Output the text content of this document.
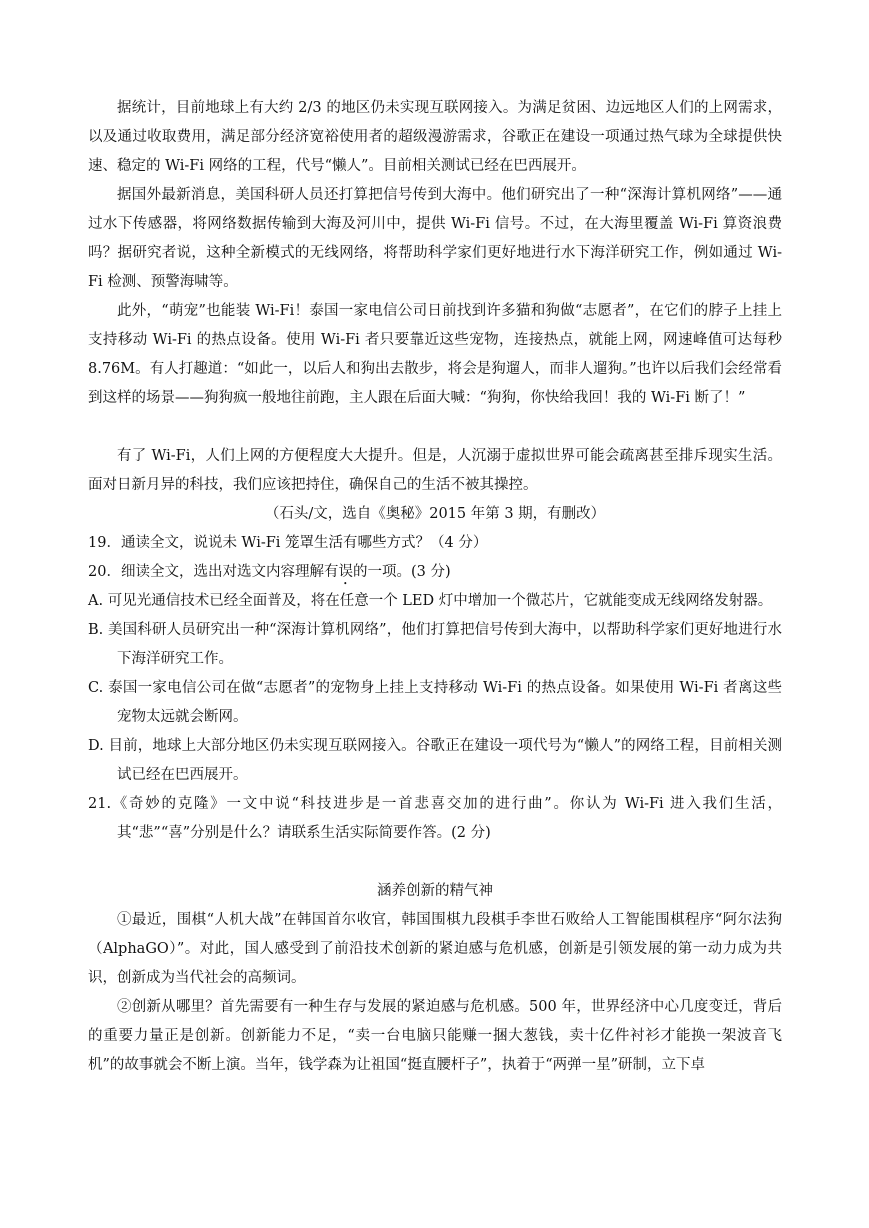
据统计，目前地球上有大约 2/3 的地区仍未实现互联网接入。为满足贫困、边远地区人们的上网需求，以及通过收取费用，满足部分经济宽裕使用者的超级漫游需求，谷歌正在建设一项通过热气球为全球提供快速、稳定的 Wi-Fi 网络的工程，代号“懒人”。目前相关测试已经在巴西展开。

据国外最新消息，美国科研人员还打算把信号传到大海中。他们研究出了一种“深海计算机网络”——通过水下传感器，将网络数据传输到大海及河川中，提供 Wi-Fi 信号。不过，在大海里覆盖 Wi-Fi 算资浪费吗？据研究者说，这种全新模式的无线网络，将帮助科学家们更好地进行水下海洋研究工作，例如通过 Wi-Fi 检测、预警海啸等。

此外，“萌宠”也能装 Wi-Fi！泰国一家电信公司日前找到许多猫和狗做“志愿者”，在它们的脖子上挂上支持移动 Wi-Fi 的热点设备。使用 Wi-Fi 者只要靠近这些宠物，连接热点，就能上网，网速峰值可达每秒 8.76M。有人打趣道：“如此一，以后人和狗出去散步，将会是狗遛人，而非人遛狗。”也许以后我们会经常看到这样的场景——狗狗疯一般地往前跑，主人跟在后面大喊：“狗狗，你快给我回！我的 Wi-Fi 断了！”

有了 Wi-Fi，人们上网的方便程度大大提升。但是，人沉溺于虚拟世界可能会疏离甚至排斥现实生活。面对日新月异的科技，我们应该把持住，确保自己的生活不被其操控。

（石头/文，选自《奥秘》2015 年第 3 期，有删改）

19．通读全文，说说未 Wi-Fi 笼罩生活有哪些方式？（4 分）

20．细读全文，选出对选文内容理解有误的一项。(3 分)

A. 可见光通信技术已经全面普及，将在任意一个 LED 灯中增加一个微芯片，它就能变成无线网络发射器。

B. 美国科研人员研究出一种“深海计算机网络”，他们打算把信号传到大海中，以帮助科学家们更好地进行水下海洋研究工作。

C. 泰国一家电信公司在做“志愿者”的宠物身上挂上支持移动 Wi-Fi 的热点设备。如果使用 Wi-Fi 者离这些宠物太远就会断网。

D. 目前，地球上大部分地区仍未实现互联网接入。谷歌正在建设一项代号为“懒人”的网络工程，目前相关测试已经在巴西展开。

21.《奇妙的克隆》一文中说“科技进步是一首悲喜交加的进行曲”。你认为 Wi-Fi 进入我们生活，其“悲”“喜”分别是什么？请联系生活实际简要作答。(2 分)

涵养创新的精气神

①最近，围棋“人机大战”在韩国首尔收官，韩国围棋九段棋手李世石败给人工智能围棋程序“阿尔法狗（AlphaGO）”。对此，国人感受到了前沿技术创新的紧迫感与危机感，创新是引领发展的第一动力成为共识，创新成为当代社会的高频词。

②创新从哪里？首先需要有一种生存与发展的紧迫感与危机感。500 年，世界经济中心几度变迁，背后的重要力量正是创新。创新能力不足，“卖一台电脑只能赚一捆大葱钱，卖十亿件衬衫才能换一架波音飞机”的故事就会不断上演。当年，钱学森为让祖国“挺直腰杆子”，执着于“两弹一星”研制，立下卓
